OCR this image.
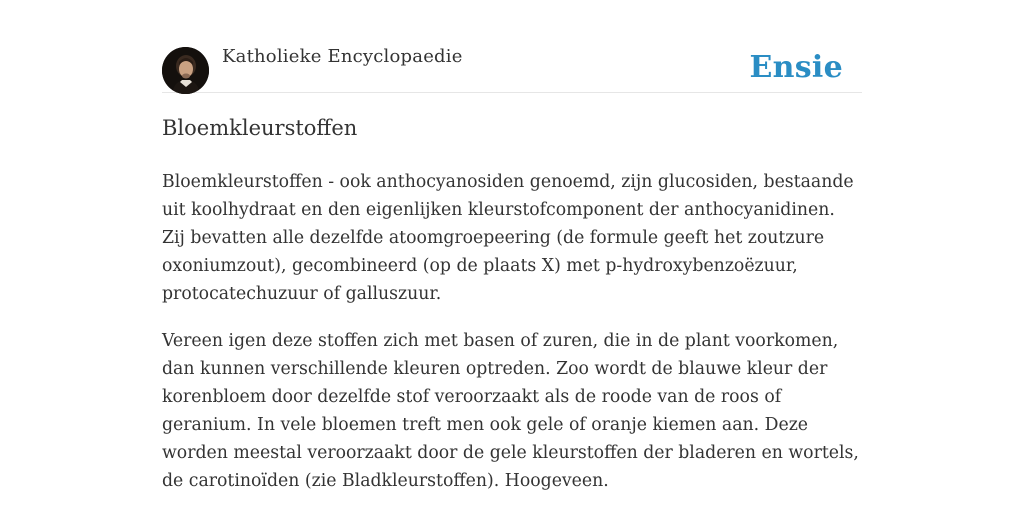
Katholieke Encyclopaedie	Ensie
Bloemkleurstoffen

Bloemkleurstoffen - ook anthocyanosiden genoemd, zijn glucosiden, bestaande uit koolhydraat en den eigenlijken kleurstofcomponent der anthocyanidinen. Zij bevatten alle dezelfde atoomgroepeering (de formule geeft het zoutzure oxoniumzout), gecombineerd (op de plaats X) met p-hydroxybenzoëzuur, protocatechuzuur of galluszuur.

Vereen igen deze stoffen zich met basen of zuren, die in de plant voorkomen, dan kunnen verschillende kleuren optreden. Zoo wordt de blauwe kleur der korenbloem door dezelfde stof veroorzaakt als de roode van de roos of geranium. In vele bloemen treft men ook gele of oranje kiemen aan. Deze worden meestal veroorzaakt door de gele kleurstoffen der bladeren en wortels, de carotinoïden (zie Bladkleurstoffen). Hoogeveen.
